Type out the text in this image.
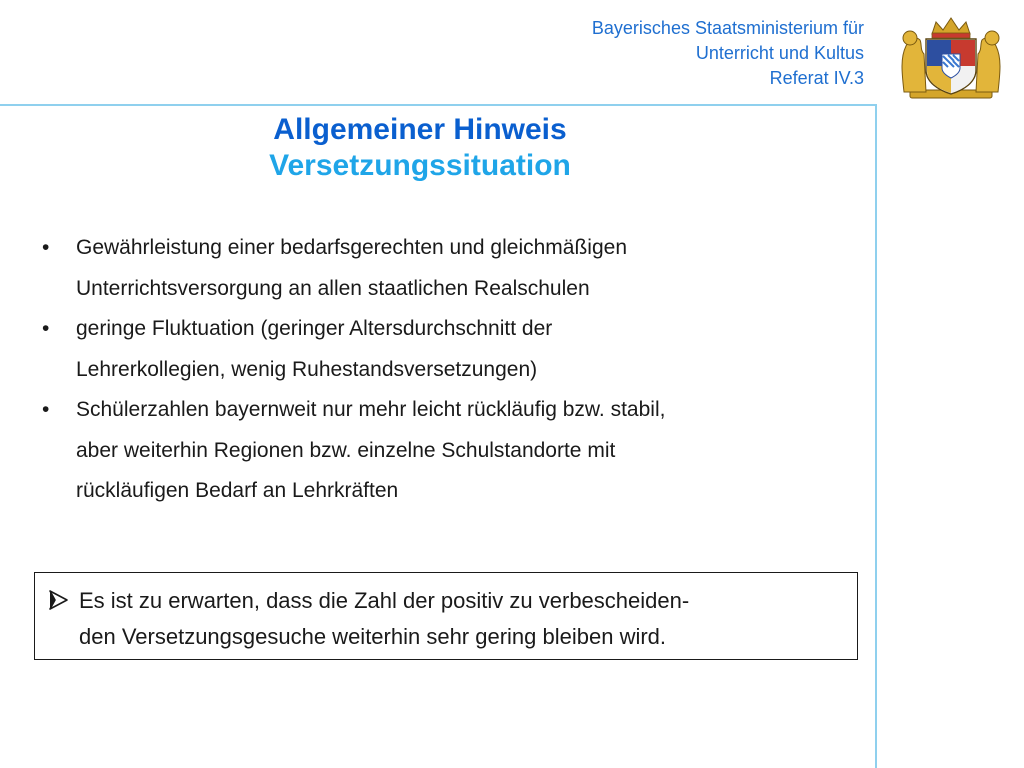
Bayerisches Staatsministerium für
Unterricht und Kultus
Referat IV.3
Allgemeiner Hinweis
Versetzungssituation
• Gewährleistung einer bedarfsgerechten und gleichmäßigen
Unterrichtsversorgung an allen staatlichen Realschulen
• geringe Fluktuation (geringer Altersdurchschnitt der
Lehrerkollegien, wenig Ruhestandsversetzungen)
• Schülerzahlen bayernweit nur mehr leicht rückläufig bzw. stabil,
aber weiterhin Regionen bzw. einzelne Schulstandorte mit
rückläufigen Bedarf an Lehrkräften
Es ist zu erwarten, dass die Zahl der positiv zu verbescheiden-
den Versetzungsgesuche weiterhin sehr gering bleiben wird.
